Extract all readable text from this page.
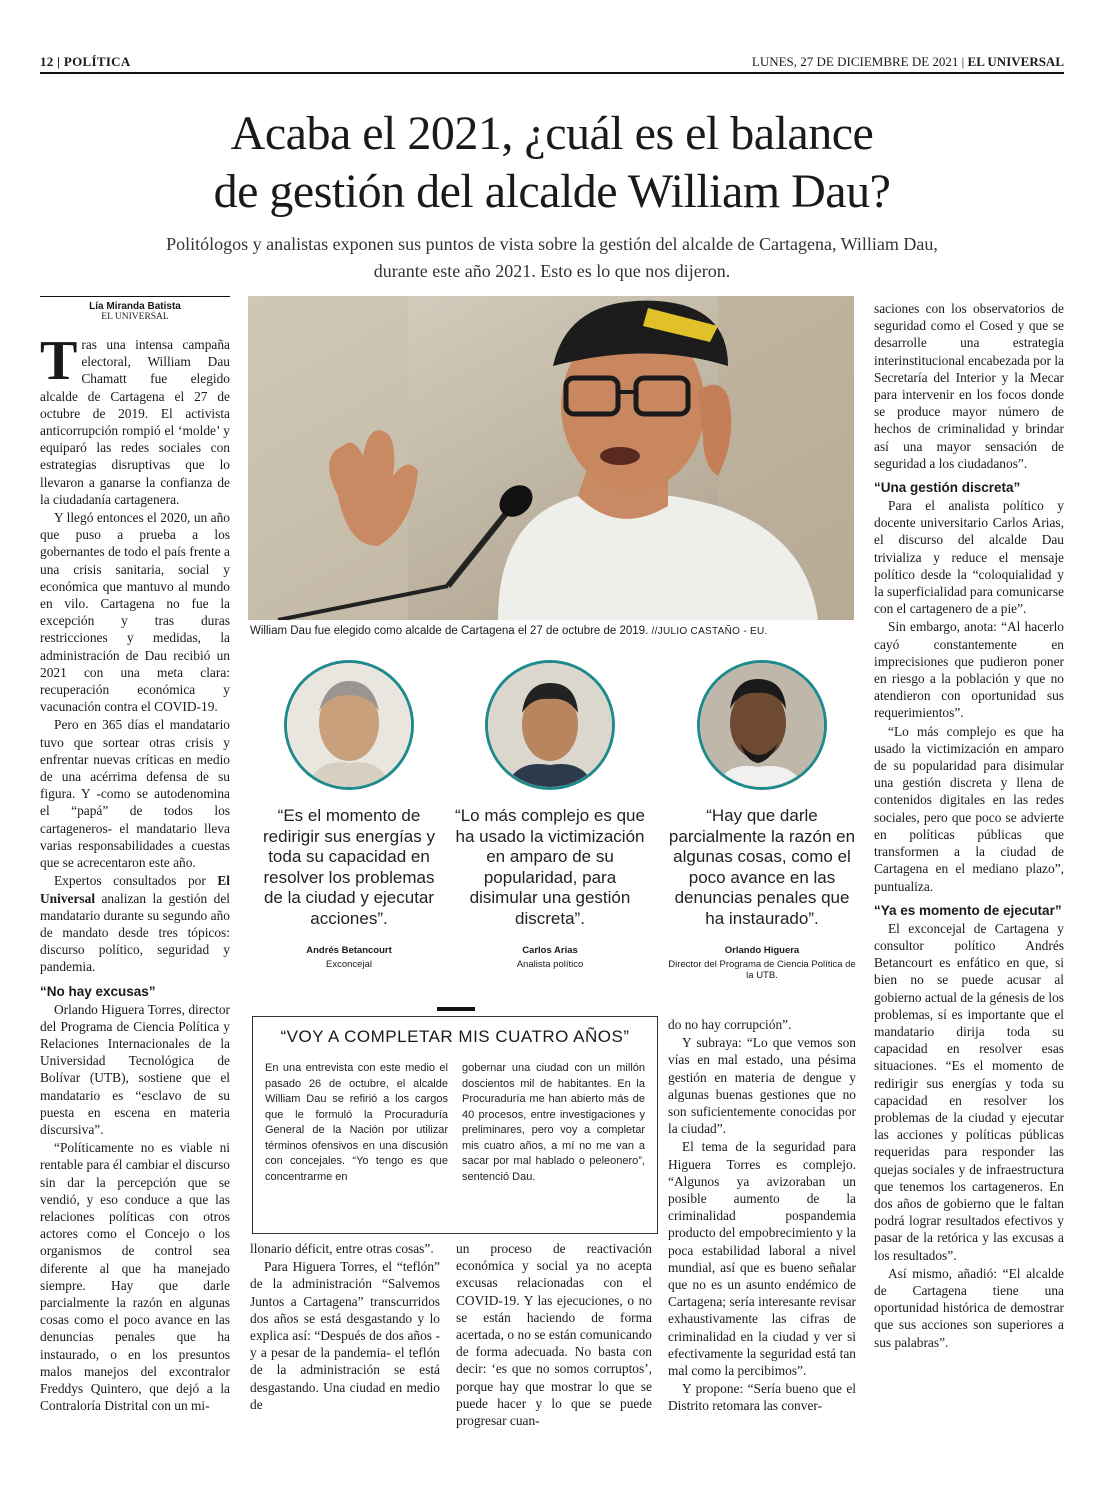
12 | POLÍTICA	LUNES, 27 DE DICIEMBRE DE 2021 | EL UNIVERSAL
Acaba el 2021, ¿cuál es el balance
de gestión del alcalde William Dau?
Politólogos y analistas exponen sus puntos de vista sobre la gestión del alcalde de Cartagena, William Dau,
durante este año 2021. Esto es lo que nos dijeron.
Lía Miranda Batista
EL UNIVERSAL

Tras una intensa campaña electoral, William Dau Chamatt fue elegido alcalde de Cartagena el 27 de octubre de 2019. El activista anticorrupción rompió el ‘molde’ y equiparó las redes sociales con estrategias disruptivas que lo llevaron a ganarse la confianza de la ciudadanía cartagenera.

Y llegó entonces el 2020, un año que puso a prueba a los gobernantes de todo el país frente a una crisis sanitaria, social y económica que mantuvo al mundo en vilo. Cartagena no fue la excepción y tras duras restricciones y medidas, la administración de Dau recibió un 2021 con una meta clara: recuperación económica y vacunación contra el COVID-19.

Pero en 365 días el mandatario tuvo que sortear otras crisis y enfrentar nuevas críticas en medio de una acérrima defensa de su figura. Y -como se autodenomina el “papá” de todos los cartageneros- el mandatario lleva varias responsabilidades a cuestas que se acrecentaron este año.

Expertos consultados por El Universal analizan la gestión del mandatario durante su segundo año de mandato desde tres tópicos: discurso político, seguridad y pandemia.

“No hay excusas”

Orlando Higuera Torres, director del Programa de Ciencia Política y Relaciones Internacionales de la Universidad Tecnológica de Bolívar (UTB), sostiene que el mandatario es “esclavo de su puesta en escena en materia discursiva”.

“Políticamente no es viable ni rentable para él cambiar el discurso sin dar la percepción que se vendió, y eso conduce a que las relaciones políticas con otros actores como el Concejo o los organismos de control sea diferente al que ha manejado siempre. Hay que darle parcialmente la razón en algunas cosas como el poco avance en las denuncias penales que ha instaurado, o en los presuntos malos manejos del excontralor Freddys Quintero, que dejó a la Contraloría Distrital con un mi-

William Dau fue elegido como alcalde de Cartagena el 27 de octubre de 2019. //JULIO CASTAÑO - EU.
“Es el momento de redirigir sus energías y toda su capacidad en resolver los problemas de la ciudad y ejecutar acciones”.
Andrés Betancourt
Exconcejal
“Lo más complejo es que ha usado la victimización en amparo de su popularidad, para disimular una gestión discreta”.
Carlos Arias
Analista político
“Hay que darle parcialmente la razón en algunas cosas, como el poco avance en las denuncias penales que ha instaurado”.
Orlando Higuera
Director del Programa de Ciencia Política de la UTB.
“VOY A COMPLETAR MIS CUATRO AÑOS”

En una entrevista con este medio el pasado 26 de octubre, el alcalde William Dau se refirió a los cargos que le formuló la Procuraduría General de la Nación por utilizar términos ofensivos en una discusión con concejales. “Yo tengo es que concentrarme en

gobernar una ciudad con un millón doscientos mil de habitantes. En la Procuraduría me han abierto más de 40 procesos, entre investigaciones y preliminares, pero voy a completar mis cuatro años, a mí no me van a sacar por mal hablado o peleonero”, sentenció Dau.

llonario déficit, entre otras cosas”.

Para Higuera Torres, el “teflón” de la administración “Salvemos Juntos a Cartagena” transcurridos dos años se está desgastando y lo explica así: “Después de dos años -y a pesar de la pandemia- el teflón de la administración se está desgastando. Una ciudad en medio de

un proceso de reactivación económica y social ya no acepta excusas relacionadas con el COVID-19. Y las ejecuciones, o no se están haciendo de forma acertada, o no se están comunicando de forma adecuada. No basta con decir: ‘es que no somos corruptos’, porque hay que mostrar lo que se puede hacer y lo que se puede progresar cuan-

do no hay corrupción”.

Y subraya: “Lo que vemos son vías en mal estado, una pésima gestión en materia de dengue y algunas buenas gestiones que no son suficientemente conocidas por la ciudad”.

El tema de la seguridad para Higuera Torres es complejo. “Algunos ya avizoraban un posible aumento de la criminalidad pospandemia producto del empobrecimiento y la poca estabilidad laboral a nivel mundial, así que es bueno señalar que no es un asunto endémico de Cartagena; sería interesante revisar exhaustivamente las cifras de criminalidad en la ciudad y ver si efectivamente la seguridad está tan mal como la percibimos”.

Y propone: “Sería bueno que el Distrito retomara las conver-

saciones con los observatorios de seguridad como el Cosed y que se desarrolle una estrategia interinstitucional encabezada por la Secretaría del Interior y la Mecar para intervenir en los focos donde se produce mayor número de hechos de criminalidad y brindar así una mayor sensación de seguridad a los ciudadanos”.

“Una gestión discreta”

Para el analista político y docente universitario Carlos Arias, el discurso del alcalde Dau trivializa y reduce el mensaje político desde la “coloquialidad y la superficialidad para comunicarse con el cartagenero de a pie”.

Sin embargo, anota: “Al hacerlo cayó constantemente en imprecisiones que pudieron poner en riesgo a la población y que no atendieron con oportunidad sus requerimientos”.

“Lo más complejo es que ha usado la victimización en amparo de su popularidad para disimular una gestión discreta y llena de contenidos digitales en las redes sociales, pero que poco se advierte en políticas públicas que transformen a la ciudad de Cartagena en el mediano plazo”, puntualiza.

“Ya es momento de ejecutar”

El exconcejal de Cartagena y consultor político Andrés Betancourt es enfático en que, si bien no se puede acusar al gobierno actual de la génesis de los problemas, sí es importante que el mandatario dirija toda su capacidad en resolver esas situaciones. “Es el momento de redirigir sus energías y toda su capacidad en resolver los problemas de la ciudad y ejecutar las acciones y políticas públicas requeridas para responder las quejas sociales y de infraestructura que tenemos los cartageneros. En dos años de gobierno que le faltan podrá lograr resultados efectivos y pasar de la retórica y las excusas a los resultados”.

Así mismo, añadió: “El alcalde de Cartagena tiene una oportunidad histórica de demostrar que sus acciones son superiores a sus palabras”.
